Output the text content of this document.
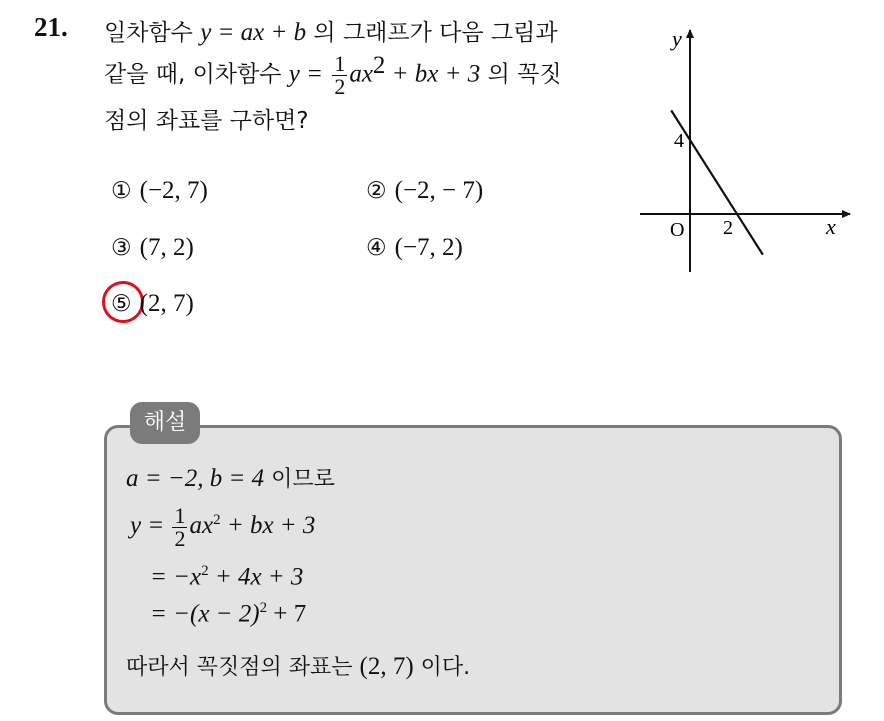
21. 일차함수 y = ax + b 의 그래프가 다음 그림과
같을 때, 이차함수 $y = \frac{1}{2} ax^2$ + bx + 3 의 꼭짓
점의 좌표를 구하면?
① (−2, 7)	② (−2, − 7)
③ (7, 2)	④ (−7, 2)
⑤ (2, 7)
y
x
O 2
4
해설
a = −2, b = 4 이므로
$y = \frac{1}{2} ax^2$ + bx + 3
= $-x^2 + 4x + 3$
= $-(x - 2)^2 + 7$
따라서 꼭짓점의 좌표는 (2, 7) 이다.
